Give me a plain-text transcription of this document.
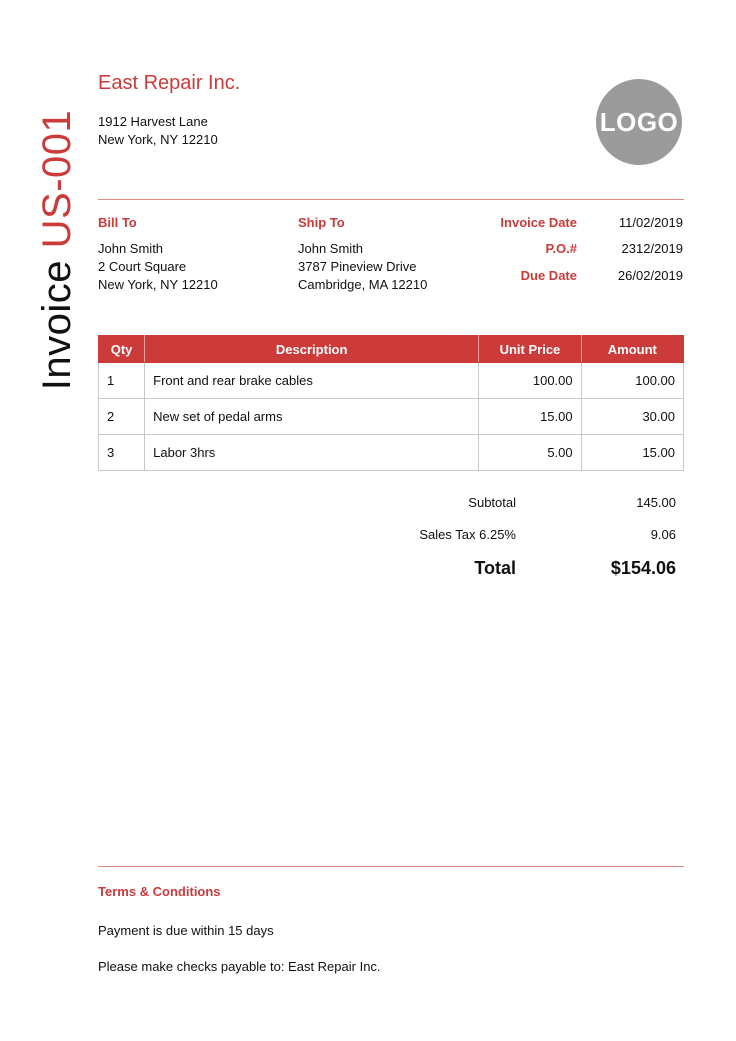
Invoice US-001
East Repair Inc.
1912 Harvest Lane
New York, NY 12210
LOGO
Bill To
John Smith
2 Court Square
New York, NY 12210
Ship To
John Smith
3787 Pineview Drive
Cambridge, MA 12210
Invoice Date	11/02/2019
P.O.#	2312/2019
Due Date	26/02/2019
Qty	Description	Unit Price	Amount
1	Front and rear brake cables	100.00	100.00
2	New set of pedal arms	15.00	30.00
3	Labor 3hrs	5.00	15.00
Subtotal	145.00
Sales Tax 6.25%	9.06
Total	$154.06
Terms & Conditions
Payment is due within 15 days
Please make checks payable to: East Repair Inc.
